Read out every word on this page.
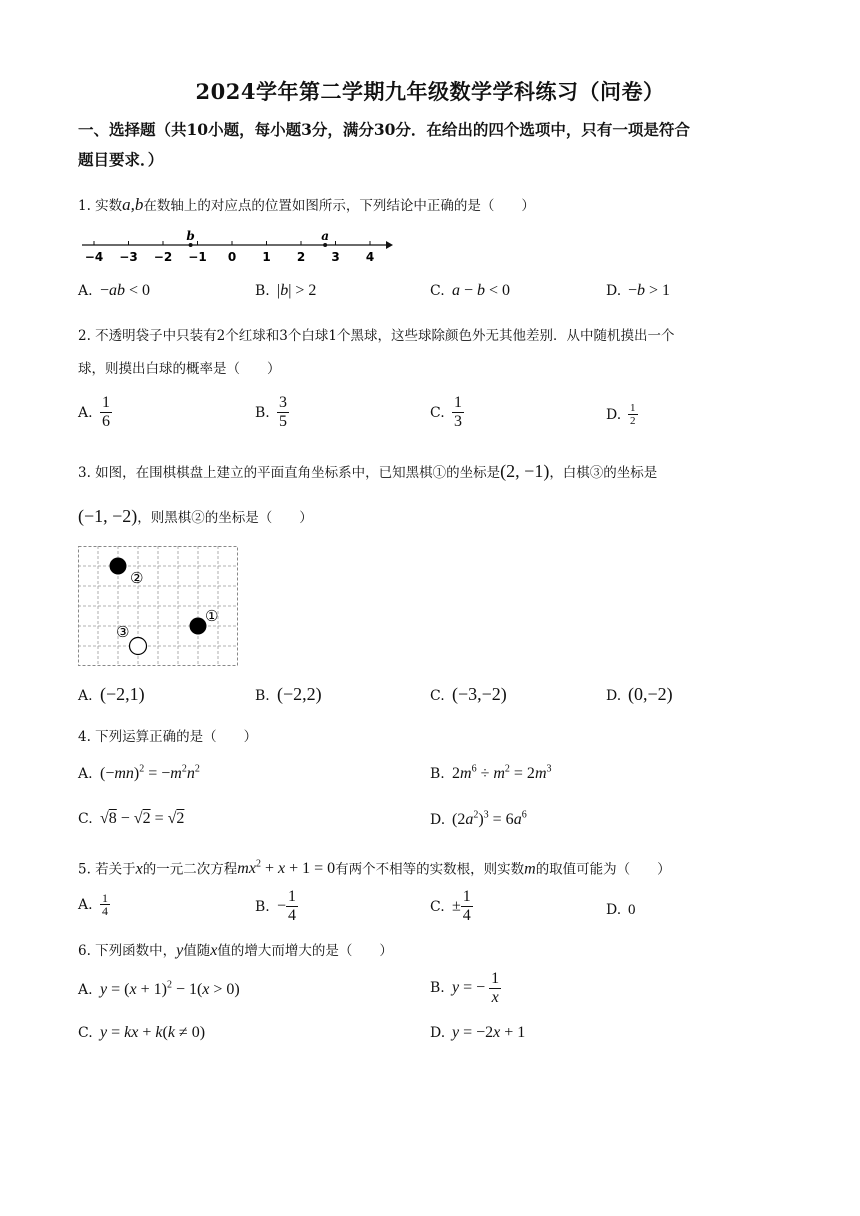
2024学年第二学期九年级数学学科练习（问卷）
一、选择题（共10小题，每小题3分，满分30分．在给出的四个选项中，只有一项是符合
题目要求．）
1. 实数a,b在数轴上的对应点的位置如图所示，下列结论中正确的是（　　）
−4 −3 −2 −1 0 1 2 3 4
b	a
A. −ab < 0	B. |b| > 2	C. a − b < 0	D. −b > 1
2. 不透明袋子中只装有2个红球和3个白球1个黑球，这些球除颜色外无其他差别．从中随机摸出一个
球，则摸出白球的概率是（　　）
A. $\frac{1}{6}$	B. $\frac{3}{5}$	C. $\frac{1}{3}$	D. $\frac{1}{2}$
3. 如图，在围棋棋盘上建立的平面直角坐标系中，已知黑棋①的坐标是(2, −1)，白棋③的坐标是
(−1, −2)，则黑棋②的坐标是（　　）
②
①
③
A. (−2,1)	B. (−2,2)	C. (−3,−2)	D. (0,−2)
4. 下列运算正确的是（　　）
A. $(-mn)^2 = -m^2n^2$	B. $2m^6 \div m^2 = 2m^3$
C. √8 − √2 = √2	D. $(2a^2)^3 = 6a^6$
5. 若关于x的一元二次方程$mx^2 + x + 1 = 0$有两个不相等的实数根，则实数m的取值可能为（　　）
A. $\frac{1}{4}$	B. − $\frac{1}{4}$	C. ± $\frac{1}{4}$	D. 0
6. 下列函数中，y值随x值的增大而增大的是（　　）
A. $y = (x + 1)^2 - 1(x > 0)$	B. y = − $\frac{1}{x}$
C. y = kx + k(k ≠ 0)	D. y = −2x + 1
